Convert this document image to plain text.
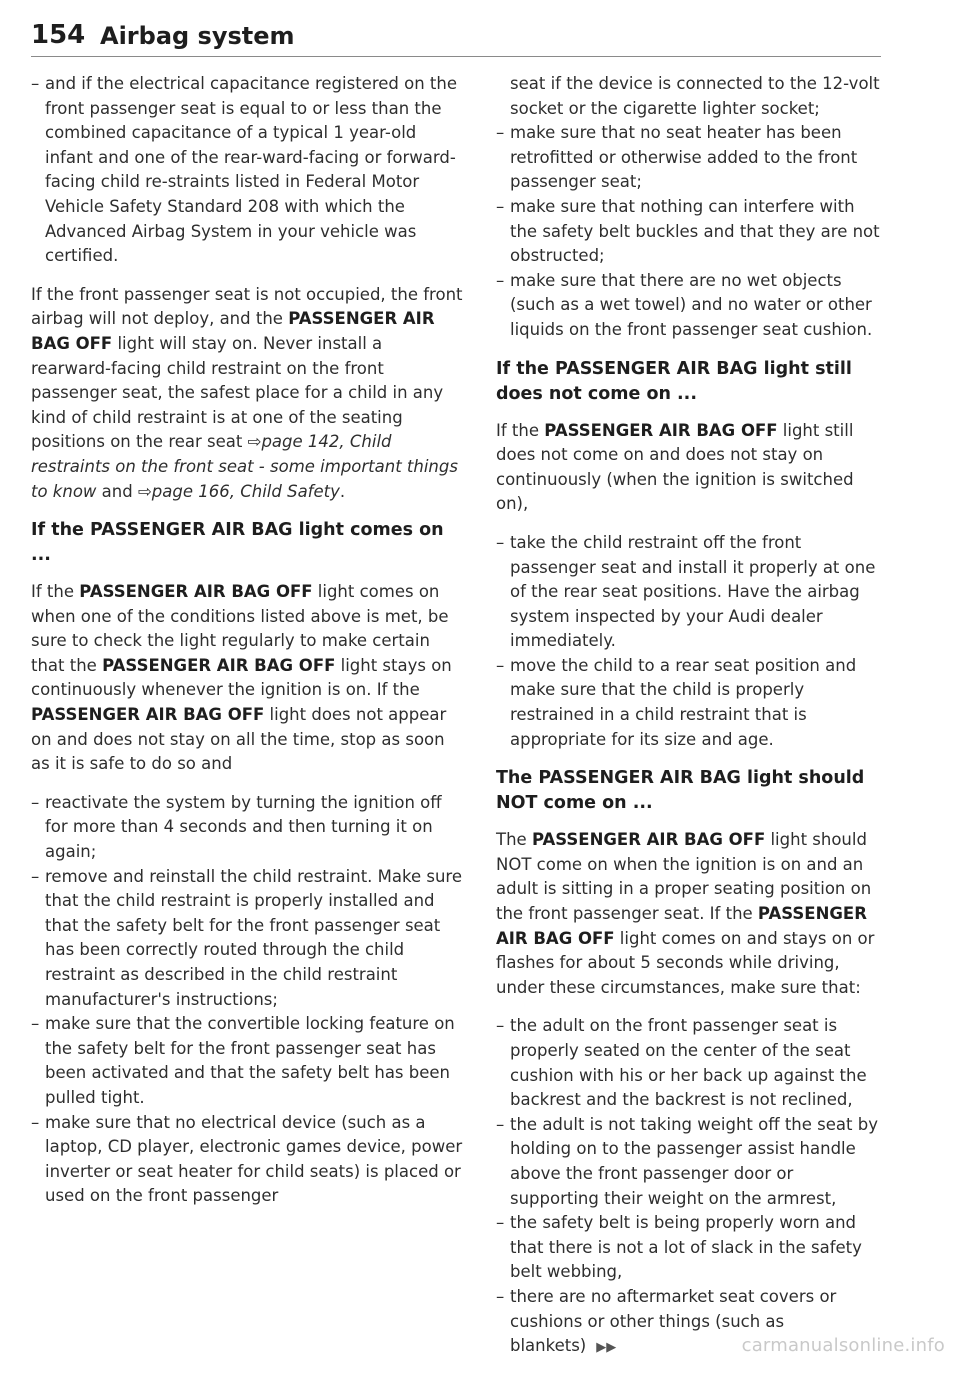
154 Airbag system
– and if the electrical capacitance registered on the front passenger seat is equal to or less than the combined capacitance of a typical 1 year-old infant and one of the rear-ward-facing or forward-facing child re-straints listed in Federal Motor Vehicle Safety Standard 208 with which the Advanced Airbag System in your vehicle was certified.

If the front passenger seat is not occupied, the front airbag will not deploy, and the PASSENGER AIR BAG OFF light will stay on. Never install a rearward-facing child restraint on the front passenger seat, the safest place for a child in any kind of child restraint is at one of the seating positions on the rear seat ⇨page 142, Child restraints on the front seat - some important things to know and ⇨page 166, Child Safety.

If the PASSENGER AIR BAG light comes on ...

If the PASSENGER AIR BAG OFF light comes on when one of the conditions listed above is met, be sure to check the light regularly to make certain that the PASSENGER AIR BAG OFF light stays on continuously whenever the ignition is on. If the PASSENGER AIR BAG OFF light does not appear on and does not stay on all the time, stop as soon as it is safe to do so and

– reactivate the system by turning the ignition off for more than 4 seconds and then turning it on again;
– remove and reinstall the child restraint. Make sure that the child restraint is properly installed and that the safety belt for the front passenger seat has been correctly routed through the child restraint as described in the child restraint manufacturer's instructions;
– make sure that the convertible locking feature on the safety belt for the front passenger seat has been activated and that the safety belt has been pulled tight.
– make sure that no electrical device (such as a laptop, CD player, electronic games device, power inverter or seat heater for child seats) is placed or used on the front passenger
seat if the device is connected to the 12-volt socket or the cigarette lighter socket;
– make sure that no seat heater has been retrofitted or otherwise added to the front passenger seat;
– make sure that nothing can interfere with the safety belt buckles and that they are not obstructed;
– make sure that there are no wet objects (such as a wet towel) and no water or other liquids on the front passenger seat cushion.
If the PASSENGER AIR BAG light still does not come on ...

If the PASSENGER AIR BAG OFF light still does not come on and does not stay on continuously (when the ignition is switched on),

– take the child restraint off the front passenger seat and install it properly at one of the rear seat positions. Have the airbag system inspected by your Audi dealer immediately.
– move the child to a rear seat position and make sure that the child is properly restrained in a child restraint that is appropriate for its size and age.
The PASSENGER AIR BAG light should NOT come on ...

The PASSENGER AIR BAG OFF light should NOT come on when the ignition is on and an adult is sitting in a proper seating position on the front passenger seat. If the PASSENGER AIR BAG OFF light comes on and stays on or flashes for about 5 seconds while driving, under these circumstances, make sure that:

– the adult on the front passenger seat is properly seated on the center of the seat cushion with his or her back up against the backrest and the backrest is not reclined,
– the adult is not taking weight off the seat by holding on to the passenger assist handle above the front passenger door or supporting their weight on the armrest,
– the safety belt is being properly worn and that there is not a lot of slack in the safety belt webbing,
– there are no aftermarket seat covers or cushions or other things (such as blankets) ▶▶	carmanualsonline.info
